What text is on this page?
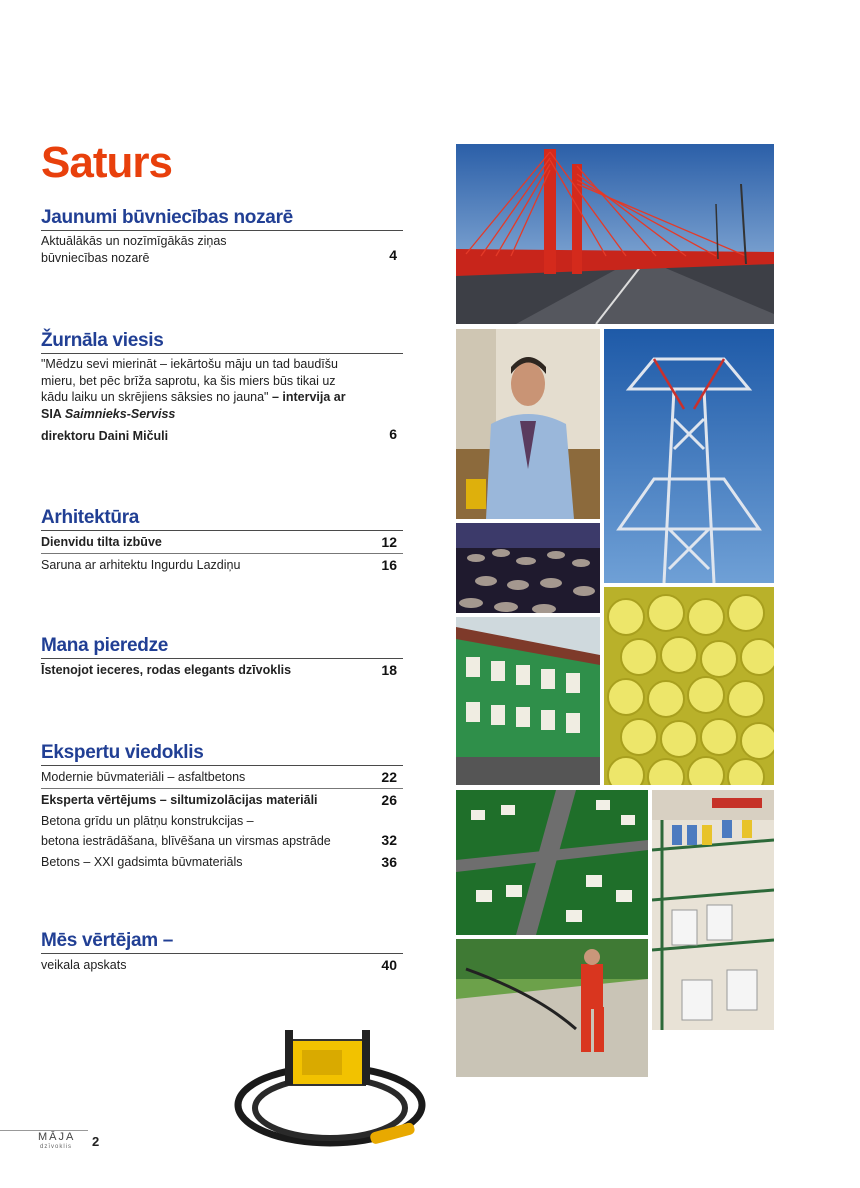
Saturs
Jaunumi būvniecības nozarē
Aktuālākās un nozīmīgākās ziņas
būvniecības nozarē	4
Žurnāla viesis
"Mēdzu sevi mierināt – iekārtošu māju un tad baudīšu mieru, bet pēc brīža saprotu, ka šis miers būs tikai uz kādu laiku un skrējiens sāksies no jauna" – intervija ar SIA Saimnieks-Serviss
direktoru Daini Mičuli	6
Arhitektūra
Dienvidu tilta izbūve	12
Saruna ar arhitektu Ingurdu Lazdiņu	16
Mana pieredze
Īstenojot ieceres, rodas elegants dzīvoklis	18
Ekspertu viedoklis
Modernie būvmateriāli – asfaltbetons	22
Eksperta vērtējums – siltumizolācijas materiāli	26
Betona grīdu un plātņu konstrukcijas –
betona iestrādāšana, blīvēšana un virsmas apstrāde	32
Betons – XXI gadsimta būvmateriāls	36
Mēs vērtējam –
veikala apskats	40
MĀJA
dzīvoklis 2
